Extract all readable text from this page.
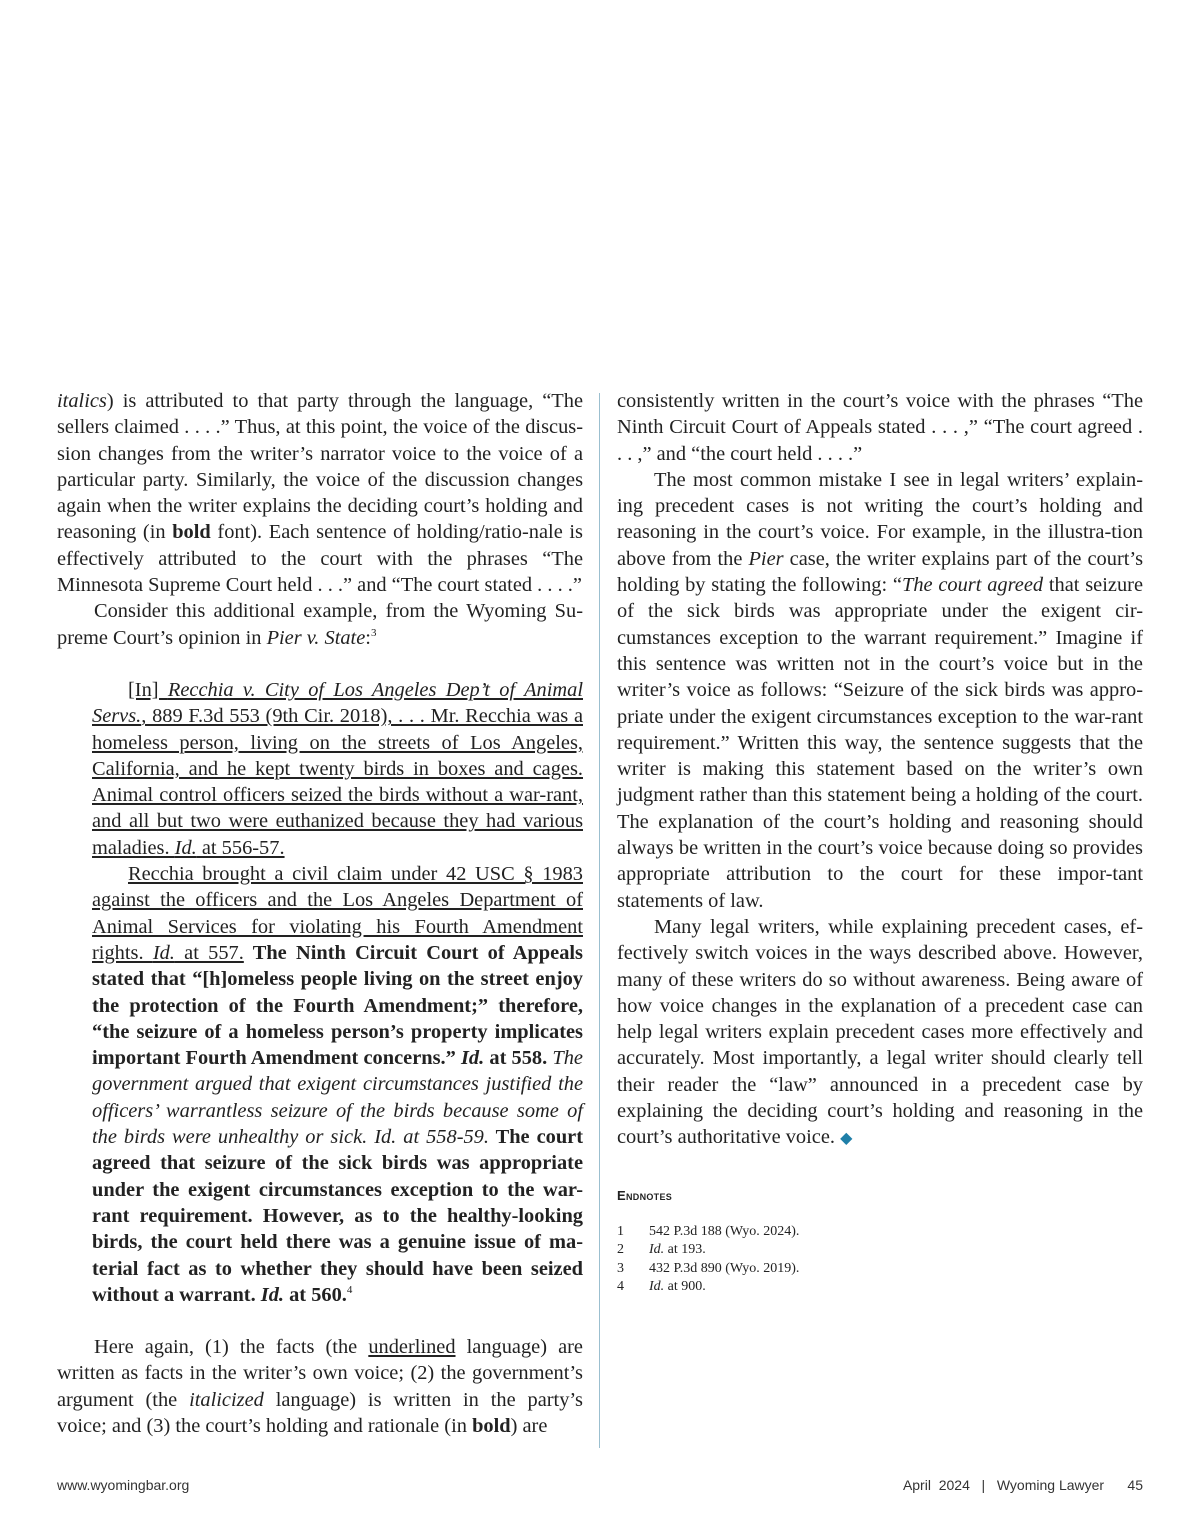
italics) is attributed to that party through the language, “The sellers claimed . . . .” Thus, at this point, the voice of the discus-sion changes from the writer’s narrator voice to the voice of a particular party. Similarly, the voice of the discussion changes again when the writer explains the deciding court’s holding and reasoning (in bold font). Each sentence of holding/ratio-nale is effectively attributed to the court with the phrases “The Minnesota Supreme Court held . . .” and “The court stated . . . .”

Consider this additional example, from the Wyoming Su-preme Court’s opinion in Pier v. State:$^3$

[In] Recchia v. City of Los Angeles Dep’t of Animal Servs., 889 F.3d 553 (9th Cir. 2018), . . . Mr. Recchia was a homeless person, living on the streets of Los Angeles, California, and he kept twenty birds in boxes and cages. Animal control officers seized the birds without a war-rant, and all but two were euthanized because they had various maladies. Id. at 556-57.

Recchia brought a civil claim under 42 USC § 1983 against the officers and the Los Angeles Department of Animal Services for violating his Fourth Amendment rights. Id. at 557. The Ninth Circuit Court of Appeals stated that “[h]omeless people living on the street enjoy the protection of the Fourth Amendment;” therefore, “the seizure of a homeless person’s property implicates important Fourth Amendment concerns.” Id. at 558. The government argued that exigent circumstances justified the officers’ warrantless seizure of the birds because some of the birds were unhealthy or sick. Id. at 558-59. The court agreed that seizure of the sick birds was appropriate under the exigent circumstances exception to the war-rant requirement. However, as to the healthy-looking birds, the court held there was a genuine issue of ma-terial fact as to whether they should have been seized without a warrant. Id. at 560.$^4$

Here again, (1) the facts (the underlined language) are written as facts in the writer’s own voice; (2) the government’s argument (the italicized language) is written in the party’s voice; and (3) the court’s holding and rationale (in bold) are

consistently written in the court’s voice with the phrases “The Ninth Circuit Court of Appeals stated . . . ,” “The court agreed . . . ,” and “the court held . . . .”

The most common mistake I see in legal writers’ explain-ing precedent cases is not writing the court’s holding and reasoning in the court’s voice. For example, in the illustra-tion above from the Pier case, the writer explains part of the court’s holding by stating the following: “The court agreed that seizure of the sick birds was appropriate under the exigent cir-cumstances exception to the warrant requirement.” Imagine if this sentence was written not in the court’s voice but in the writer’s voice as follows: “Seizure of the sick birds was appro-priate under the exigent circumstances exception to the war-rant requirement.” Written this way, the sentence suggests that the writer is making this statement based on the writer’s own judgment rather than this statement being a holding of the court. The explanation of the court’s holding and reasoning should always be written in the court’s voice because doing so provides appropriate attribution to the court for these impor-tant statements of law.

Many legal writers, while explaining precedent cases, ef-fectively switch voices in the ways described above. However, many of these writers do so without awareness. Being aware of how voice changes in the explanation of a precedent case can help legal writers explain precedent cases more effectively and accurately. Most importantly, a legal writer should clearly tell their reader the “law” announced in a precedent case by explaining the deciding court’s holding and reasoning in the court’s authoritative voice. ◆

Endnotes
1	542 P.3d 188 (Wyo. 2024).
2	Id. at 193.
3	432 P.3d 890 (Wyo. 2019).
4	Id. at 900.
www.wyomingbar.org	April  2024   |   Wyoming Lawyer      45
